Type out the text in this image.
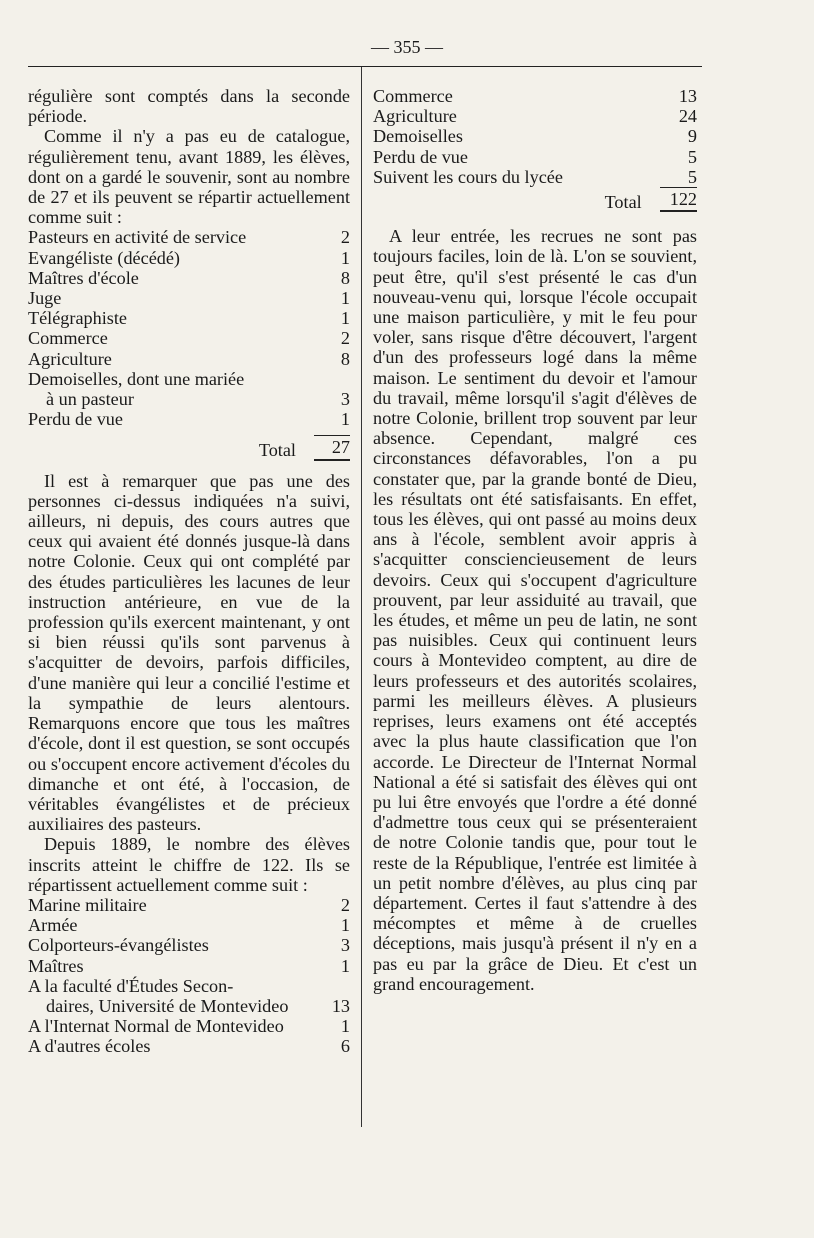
— 355 —

régulière sont comptés dans la seconde période.

Comme il n'y a pas eu de catalogue, régulièrement tenu, avant 1889, les élèves, dont on a gardé le souvenir, sont au nombre de 27 et ils peuvent se répartir actuellement comme suit :

Pasteurs en activité de service	2
Evangéliste (décédé)	1
Maîtres d'école	8
Juge	1
Télégraphiste	1
Commerce	2
Agriculture	8
Demoiselles, dont une mariée
à un pasteur	3
Perdu de vue	1
Total	27

Il est à remarquer que pas une des personnes ci-dessus indiquées n'a suivi, ailleurs, ni depuis, des cours autres que ceux qui avaient été donnés jusque-là dans notre Colonie. Ceux qui ont complété par des études particulières les lacunes de leur instruction antérieure, en vue de la profession qu'ils exercent maintenant, y ont si bien réussi qu'ils sont parvenus à s'acquitter de devoirs, parfois difficiles, d'une manière qui leur a concilié l'estime et la sympathie de leurs alentours. Remarquons encore que tous les maîtres d'école, dont il est question, se sont occupés ou s'occupent encore activement d'écoles du dimanche et ont été, à l'occasion, de véritables évangélistes et de précieux auxiliaires des pasteurs.

Depuis 1889, le nombre des élèves inscrits atteint le chiffre de 122. Ils se répartissent actuellement comme suit :

Marine militaire	2
Armée	1
Colporteurs-évangélistes	3
Maîtres	1
A la faculté d'Études Secon-
daires, Université de Montevideo 13
A l'Internat Normal de Montevideo	1
A d'autres écoles	6
Commerce	13
Agriculture	24
Demoiselles	9
Perdu de vue	5
Suivent les cours du lycée	5
Total	122

A leur entrée, les recrues ne sont pas toujours faciles, loin de là. L'on se souvient, peut être, qu'il s'est présenté le cas d'un nouveau-venu qui, lorsque l'école occupait une maison particulière, y mit le feu pour voler, sans risque d'être découvert, l'argent d'un des professeurs logé dans la même maison. Le sentiment du devoir et l'amour du travail, même lorsqu'il s'agit d'élèves de notre Colonie, brillent trop souvent par leur absence. Cependant, malgré ces circonstances défavorables, l'on a pu constater que, par la grande bonté de Dieu, les résultats ont été satisfaisants. En effet, tous les élèves, qui ont passé au moins deux ans à l'école, semblent avoir appris à s'acquitter consciencieusement de leurs devoirs. Ceux qui s'occupent d'agriculture prouvent, par leur assiduité au travail, que les études, et même un peu de latin, ne sont pas nuisibles. Ceux qui continuent leurs cours à Montevideo comptent, au dire de leurs professeurs et des autorités scolaires, parmi les meilleurs élèves. A plusieurs reprises, leurs examens ont été acceptés avec la plus haute classification que l'on accorde. Le Directeur de l'Internat Normal National a été si satisfait des élèves qui ont pu lui être envoyés que l'ordre a été donné d'admettre tous ceux qui se présenteraient de notre Colonie tandis que, pour tout le reste de la République, l'entrée est limitée à un petit nombre d'élèves, au plus cinq par département. Certes il faut s'attendre à des mécomptes et même à de cruelles déceptions, mais jusqu'à présent il n'y en a pas eu par la grâce de Dieu. Et c'est un grand encouragement.
